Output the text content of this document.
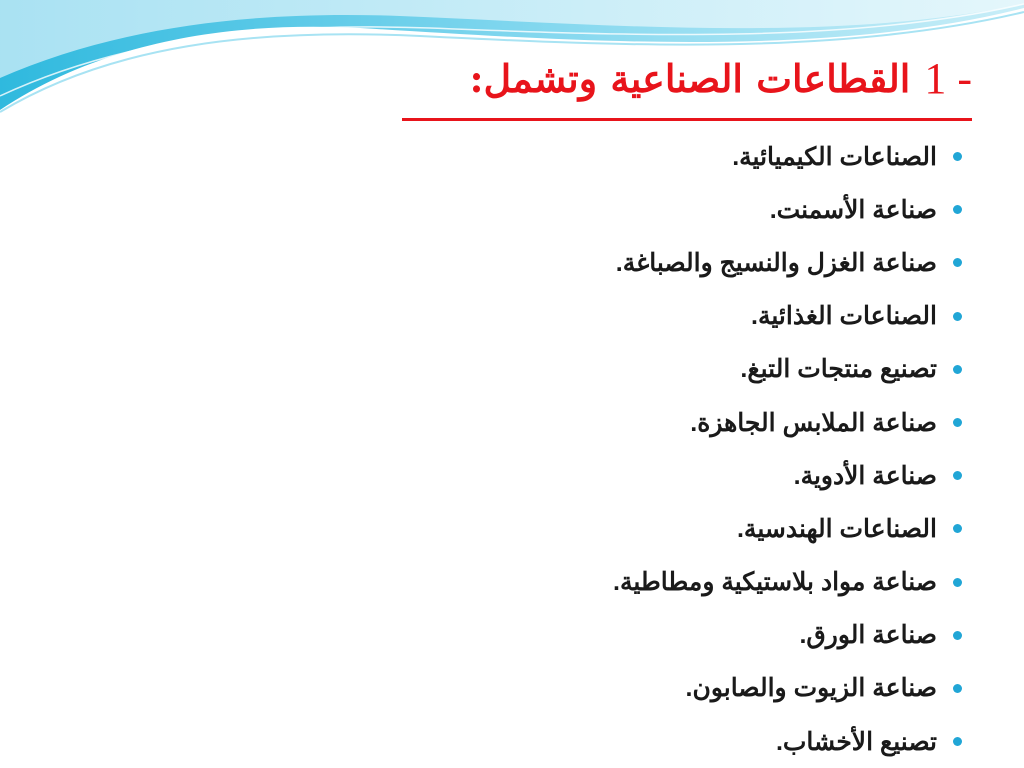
القطاعات الصناعية وتشمل: 1 -
الصناعات الكيميائية.
صناعة الأسمنت.
صناعة الغزل والنسيج والصباغة.
الصناعات الغذائية.
تصنيع منتجات التبغ.
صناعة الملابس الجاهزة.
صناعة الأدوية.
الصناعات الهندسية.
صناعة مواد بلاستيكية ومطاطية.
صناعة الورق.
صناعة الزيوت والصابون.
تصنيع الأخشاب.
